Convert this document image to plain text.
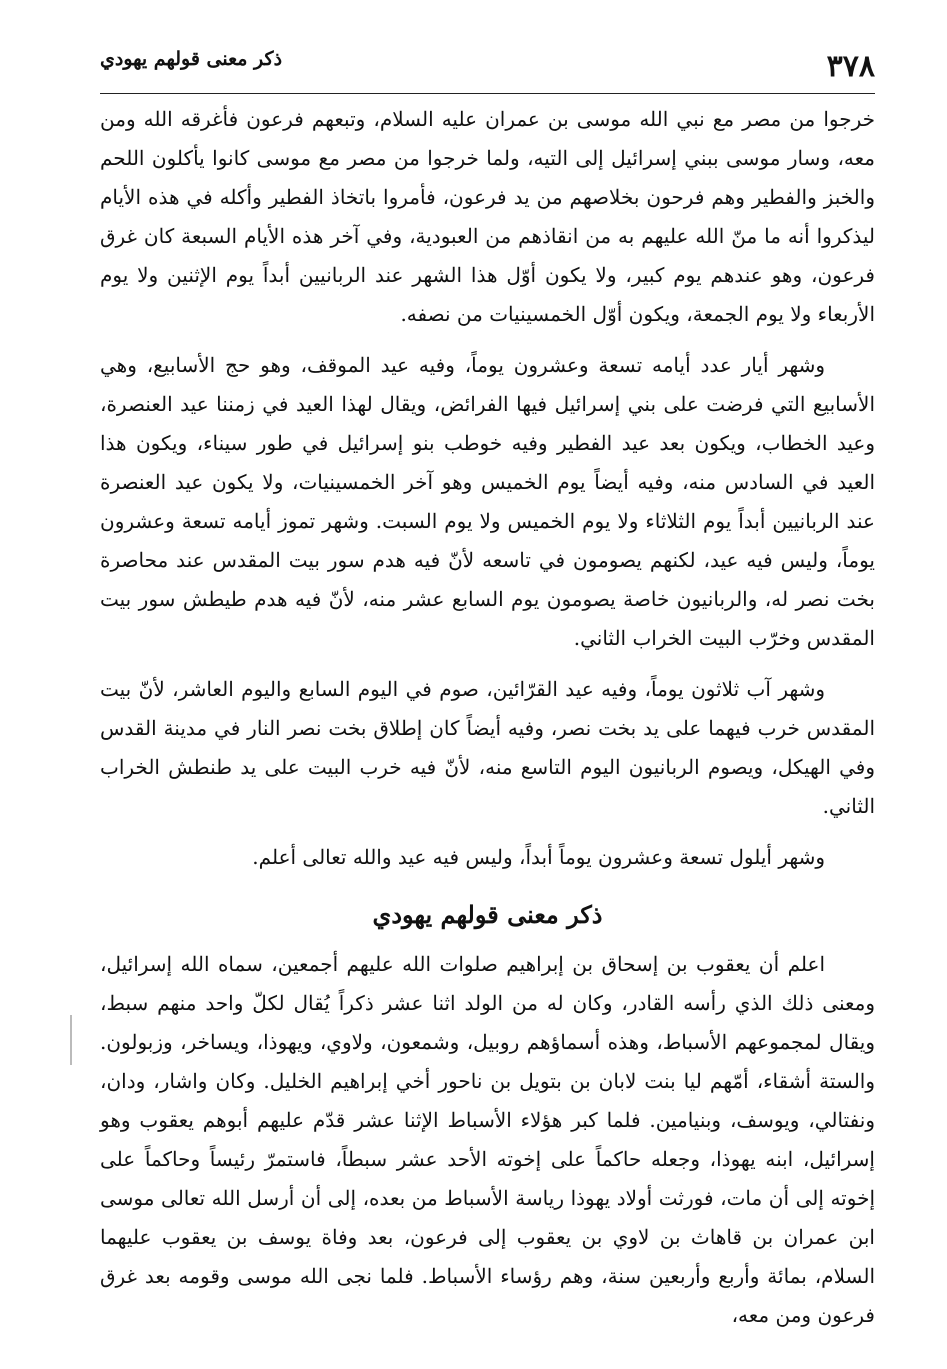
٣٧٨
ذكر معنى قولهم يهودي

خرجوا من مصر مع نبي الله موسى بن عمران عليه السلام، وتبعهم فرعون فأغرقه الله ومن معه، وسار موسى ببني إسرائيل إلى التيه، ولما خرجوا من مصر مع موسى كانوا يأكلون اللحم والخبز والفطير وهم فرحون بخلاصهم من يد فرعون، فأمروا باتخاذ الفطير وأكله في هذه الأيام ليذكروا أنه ما منّ الله عليهم به من انقاذهم من العبودية، وفي آخر هذه الأيام السبعة كان غرق فرعون، وهو عندهم يوم كبير، ولا يكون أوّل هذا الشهر عند الربانيين أبداً يوم الإثنين ولا يوم الأربعاء ولا يوم الجمعة، ويكون أوّل الخمسينيات من نصفه.

وشهر أيار عدد أيامه تسعة وعشرون يوماً، وفيه عيد الموقف، وهو حج الأسابيع، وهي الأسابيع التي فرضت على بني إسرائيل فيها الفرائض، ويقال لهذا العيد في زمننا عيد العنصرة، وعيد الخطاب، ويكون بعد عيد الفطير وفيه خوطب بنو إسرائيل في طور سيناء، ويكون هذا العيد في السادس منه، وفيه أيضاً يوم الخميس وهو آخر الخمسينيات، ولا يكون عيد العنصرة عند الربانيين أبداً يوم الثلاثاء ولا يوم الخميس ولا يوم السبت. وشهر تموز أيامه تسعة وعشرون يوماً، وليس فيه عيد، لكنهم يصومون في تاسعه لأنّ فيه هدم سور بيت المقدس عند محاصرة بخت نصر له، والربانيون خاصة يصومون يوم السابع عشر منه، لأنّ فيه هدم طيطش سور بيت المقدس وخرّب البيت الخراب الثاني.

وشهر آب ثلاثون يوماً، وفيه عيد القرّائين، صوم في اليوم السابع واليوم العاشر، لأنّ بيت المقدس خرب فيهما على يد بخت نصر، وفيه أيضاً كان إطلاق بخت نصر النار في مدينة القدس وفي الهيكل، ويصوم الربانيون اليوم التاسع منه، لأنّ فيه خرب البيت على يد طنطش الخراب الثاني.

وشهر أيلول تسعة وعشرون يوماً أبداً، وليس فيه عيد والله تعالى أعلم.

ذكر معنى قولهم يهودي

اعلم أن يعقوب بن إسحاق بن إبراهيم صلوات الله عليهم أجمعين، سماه الله إسرائيل، ومعنى ذلك الذي رأسه القادر، وكان له من الولد اثنا عشر ذكراً يُقال لكلّ واحد منهم سبط، ويقال لمجموعهم الأسباط، وهذه أسماؤهم روبيل، وشمعون، ولاوي، ويهوذا، ويساخر، وزبولون. والستة أشقاء، أمّهم ليا بنت لابان بن بتويل بن ناحور أخي إبراهيم الخليل. وكان واشار، ودان، ونفتالي، ويوسف، وبنيامين. فلما كبر هؤلاء الأسباط الإثنا عشر قدّم عليهم أبوهم يعقوب وهو إسرائيل، ابنه يهوذا، وجعله حاكماً على إخوته الأحد عشر سبطاً، فاستمرّ رئيساً وحاكماً على إخوته إلى أن مات، فورثت أولاد يهوذا رياسة الأسباط من بعده، إلى أن أرسل الله تعالى موسى ابن عمران بن قاهاث بن لاوي بن يعقوب إلى فرعون، بعد وفاة يوسف بن يعقوب عليهما السلام، بمائة وأربع وأربعين سنة، وهم رؤساء الأسباط. فلما نجى الله موسى وقومه بعد غرق فرعون ومن معه،
